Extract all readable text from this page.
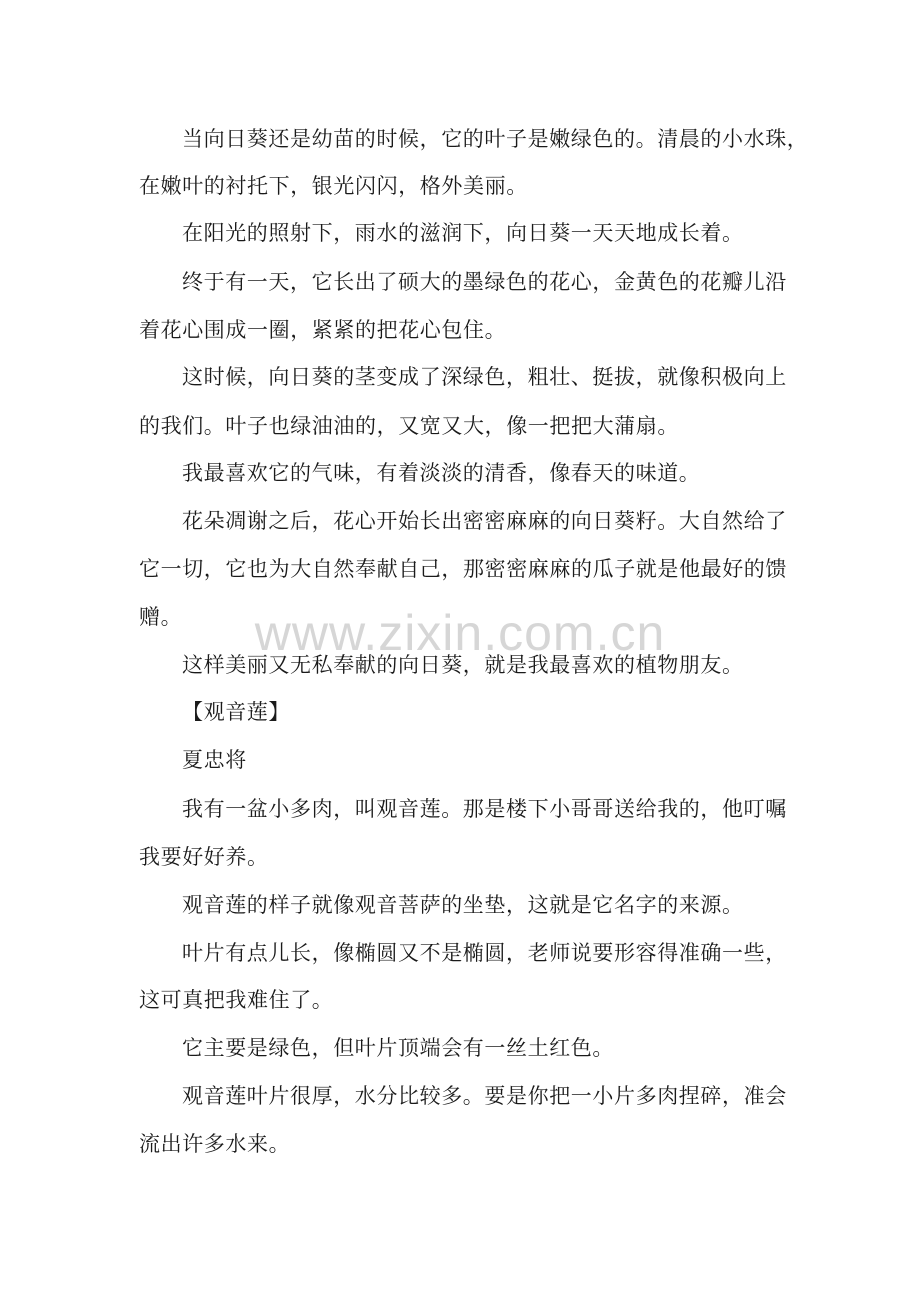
www.zixin.com.cn
当向日葵还是幼苗的时候，它的叶子是嫩绿色的。清晨的小水珠，
在嫩叶的衬托下，银光闪闪，格外美丽。
在阳光的照射下，雨水的滋润下，向日葵一天天地成长着。
终于有一天，它长出了硕大的墨绿色的花心，金黄色的花瓣儿沿
着花心围成一圈，紧紧的把花心包住。
这时候，向日葵的茎变成了深绿色，粗壮、挺拔，就像积极向上
的我们。叶子也绿油油的，又宽又大，像一把把大蒲扇。
我最喜欢它的气味，有着淡淡的清香，像春天的味道。
花朵凋谢之后，花心开始长出密密麻麻的向日葵籽。大自然给了
它一切，它也为大自然奉献自己，那密密麻麻的瓜子就是他最好的馈
赠。
这样美丽又无私奉献的向日葵，就是我最喜欢的植物朋友。
【观音莲】
夏忠将
我有一盆小多肉，叫观音莲。那是楼下小哥哥送给我的，他叮嘱
我要好好养。
观音莲的样子就像观音菩萨的坐垫，这就是它名字的来源。
叶片有点儿长，像椭圆又不是椭圆，老师说要形容得准确一些，
这可真把我难住了。
它主要是绿色，但叶片顶端会有一丝土红色。
观音莲叶片很厚，水分比较多。要是你把一小片多肉捏碎，准会
流出许多水来。
